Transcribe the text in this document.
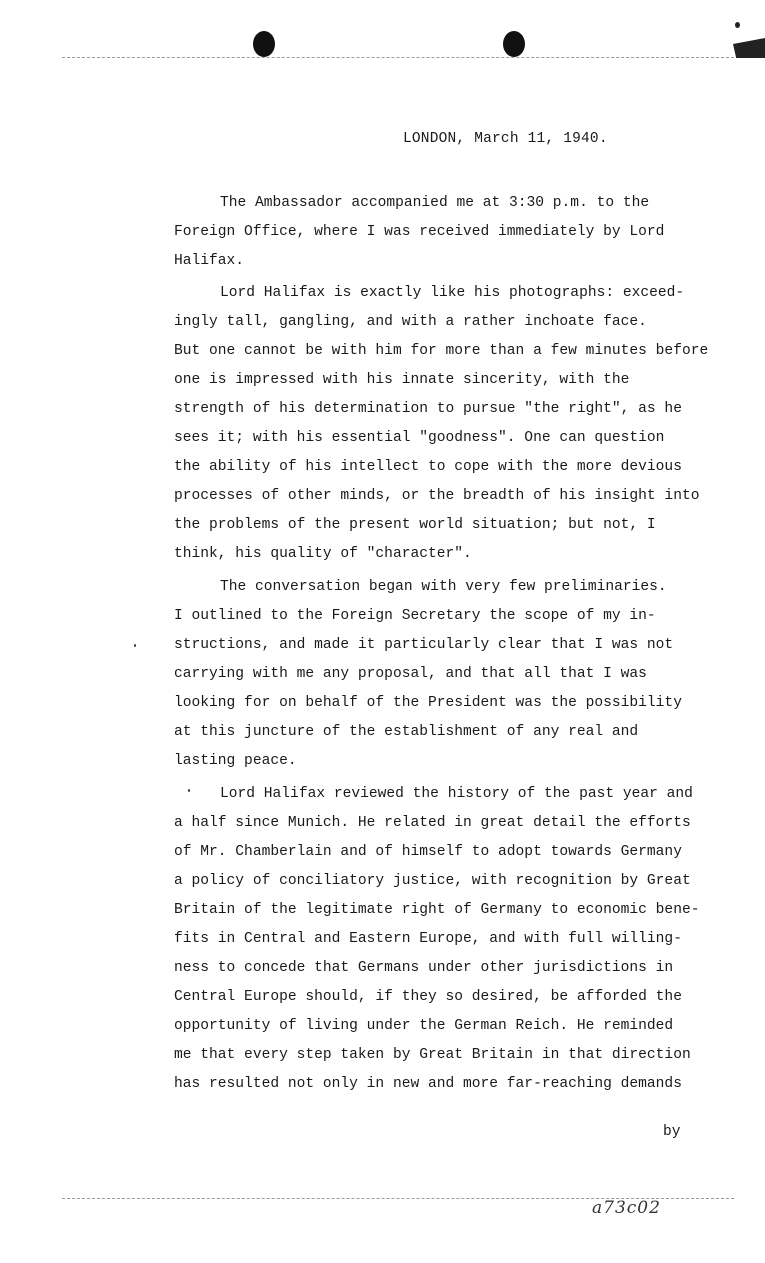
LONDON, March 11, 1940.
The Ambassador accompanied me at 3:30 p.m. to the
Foreign Office, where I was received immediately by Lord
Halifax.
Lord Halifax is exactly like his photographs: exceed-
ingly tall, gangling, and with a rather inchoate face.
But one cannot be with him for more than a few minutes before
one is impressed with his innate sincerity, with the
strength of his determination to pursue "the right", as he
sees it; with his essential "goodness". One can question
the ability of his intellect to cope with the more devious
processes of other minds, or the breadth of his insight into
the problems of the present world situation; but not, I
think, his quality of "character".
The conversation began with very few preliminaries.
I outlined to the Foreign Secretary the scope of my in-
structions, and made it particularly clear that I was not
carrying with me any proposal, and that all that I was
looking for on behalf of the President was the possibility
at this juncture of the establishment of any real and
lasting peace.
Lord Halifax reviewed the history of the past year and
a half since Munich. He related in great detail the efforts
of Mr. Chamberlain and of himself to adopt towards Germany
a policy of conciliatory justice, with recognition by Great
Britain of the legitimate right of Germany to economic bene-
fits in Central and Eastern Europe, and with full willing-
ness to concede that Germans under other jurisdictions in
Central Europe should, if they so desired, be afforded the
opportunity of living under the German Reich. He reminded
me that every step taken by Great Britain in that direction
has resulted not only in new and more far-reaching demands
by
a73c02
